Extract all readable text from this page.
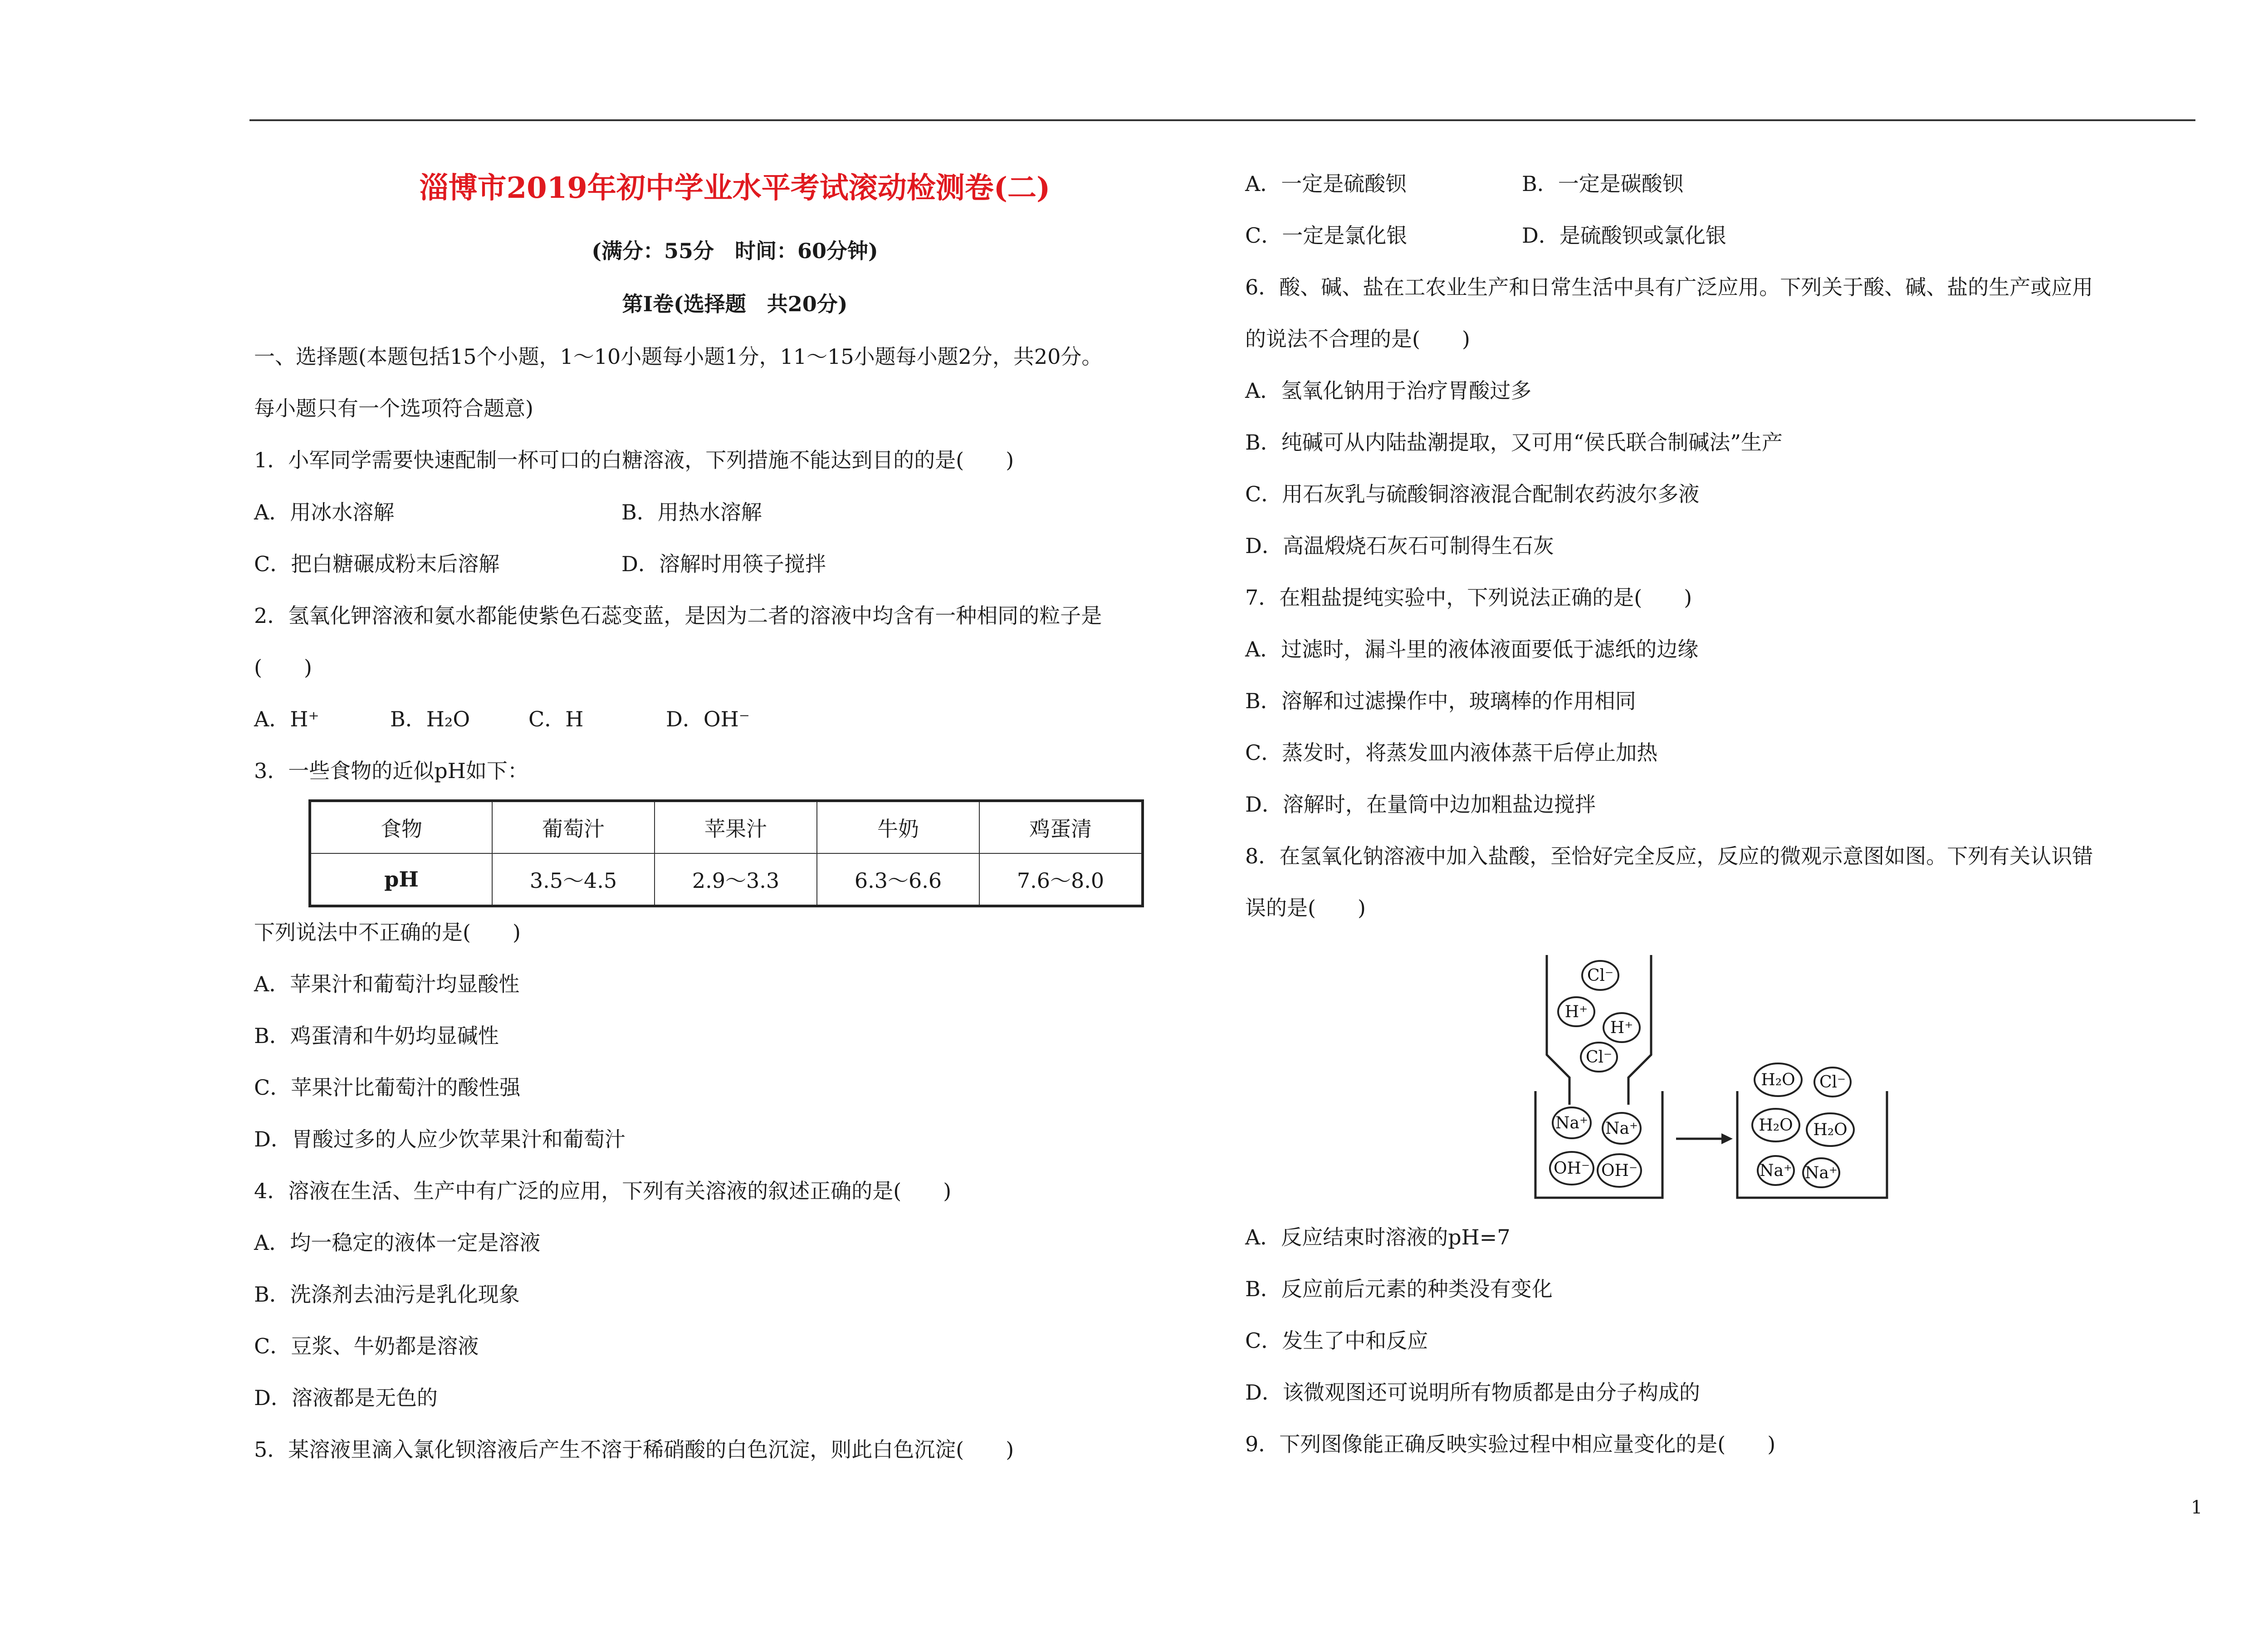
淄博市2019年初中学业水平考试滚动检测卷(二)
(满分：55分　时间：60分钟)
第Ⅰ卷(选择题　共20分)
一、选择题(本题包括15个小题，1～10小题每小题1分，11～15小题每小题2分，共20分。
每小题只有一个选项符合题意)
1．小军同学需要快速配制一杯可口的白糖溶液，下列措施不能达到目的的是(　　)
A．用冰水溶解	B．用热水溶解
C．把白糖碾成粉末后溶解	D．溶解时用筷子搅拌
2．氢氧化钾溶液和氨水都能使紫色石蕊变蓝，是因为二者的溶液中均含有一种相同的粒子是
(　　)
A．H⁺	B．H₂O	C．H	D．OH⁻
3．一些食物的近似pH如下：
食物	葡萄汁	苹果汁	牛奶	鸡蛋清
pH	3.5～4.5	2.9～3.3	6.3～6.6	7.6～8.0
下列说法中不正确的是(　　)
A．苹果汁和葡萄汁均显酸性
B．鸡蛋清和牛奶均显碱性
C．苹果汁比葡萄汁的酸性强
D．胃酸过多的人应少饮苹果汁和葡萄汁
4．溶液在生活、生产中有广泛的应用，下列有关溶液的叙述正确的是(　　)
A．均一稳定的液体一定是溶液
B．洗涤剂去油污是乳化现象
C．豆浆、牛奶都是溶液
D．溶液都是无色的
5．某溶液里滴入氯化钡溶液后产生不溶于稀硝酸的白色沉淀，则此白色沉淀(　　)
A．一定是硫酸钡	B．一定是碳酸钡
C．一定是氯化银	D．是硫酸钡或氯化银
6．酸、碱、盐在工农业生产和日常生活中具有广泛应用。下列关于酸、碱、盐的生产或应用
的说法不合理的是(　　)
A．氢氧化钠用于治疗胃酸过多
B．纯碱可从内陆盐潮提取，又可用“侯氏联合制碱法”生产
C．用石灰乳与硫酸铜溶液混合配制农药波尔多液
D．高温煅烧石灰石可制得生石灰
7．在粗盐提纯实验中，下列说法正确的是(　　)
A．过滤时，漏斗里的液体液面要低于滤纸的边缘
B．溶解和过滤操作中，玻璃棒的作用相同
C．蒸发时，将蒸发皿内液体蒸干后停止加热
D．溶解时，在量筒中边加粗盐边搅拌
8．在氢氧化钠溶液中加入盐酸，至恰好完全反应，反应的微观示意图如图。下列有关认识错
误的是(　　)
A．反应结束时溶液的pH=7
B．反应前后元素的种类没有变化
C．发生了中和反应
D．该微观图还可说明所有物质都是由分子构成的
9．下列图像能正确反映实验过程中相应量变化的是(　　)
Cl⁻
H⁺
H⁺
Cl⁻
Na⁺ Na⁺
OH⁻ OH⁻
H₂O Cl⁻
H₂O H₂O
Na⁺ Na⁺
1
